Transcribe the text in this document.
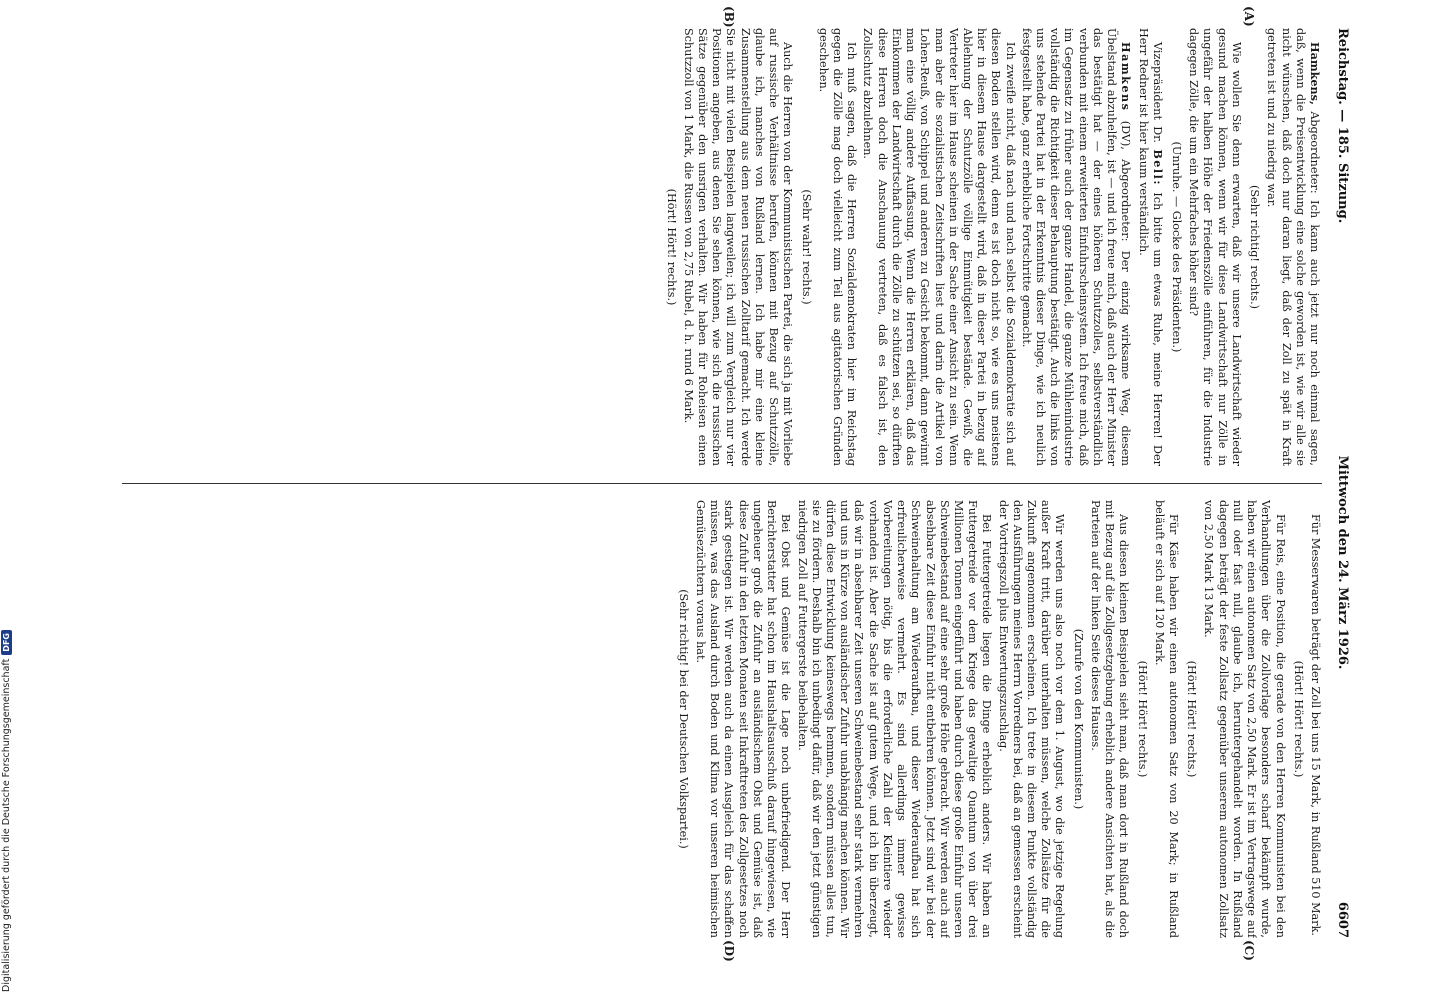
Reichstag. — 185. Sitzung.
Mittwoch den 24. März 1926.
6607

Hamkens, Abgeordneter: Ich kann auch jetzt nur noch einmal sagen, daß, wenn die Preisentwicklung eine solche geworden ist, wie wir alle sie nicht wünschen, daß doch nur daran liegt, daß der Zoll zu spät in Kraft getreten ist und zu niedrig war.

(Sehr richtig! rechts.)

Wie wollen Sie denn erwarten, daß wir unsere Landwirtschaft wieder gesund machen können, wenn wir für diese Landwirtschaft nur Zölle in ungefähr der halben Höhe der Friedenszölle einführen, für die Industrie dagegen Zölle, die um ein Mehrfaches höher sind?

(Unruhe. — Glocke des Präsidenten.)

Vizepräsident Dr. Bell: Ich bitte um etwas Ruhe, meine Herren! Der Herr Redner ist hier kaum verständlich.

Hamkens (DV), Abgeordneter: Der einzig wirksame Weg, diesem Übelstand abzuhelfen, ist — und ich freue mich, daß auch der Herr Minister das bestätigt hat — der eines höheren Schutzzolles, selbstverständlich verbunden mit einem erweiterten Einfuhrscheinsystem. Ich freue mich, daß im Gegensatz zu früher auch der ganze Handel, die ganze Mühlenindustrie vollständig die Richtigkeit dieser Behauptung bestätigt. Auch die links von uns stehende Partei hat in der Erkenntnis dieser Dinge, wie ich neulich festgestellt habe, ganz erhebliche Fortschritte gemacht.

Ich zweifle nicht, daß nach und nach selbst die Sozialdemokratie sich auf diesen Boden stellen wird, denn es ist doch nicht so, wie es uns meistens hier in diesem Hause dargestellt wird, daß in dieser Partei in bezug auf Ablehnung der Schutzzölle völlige Einmütigkeit bestände. Gewiß, die Vertreter hier im Hause scheinen in der Sache einer Ansicht zu sein. Wenn man aber die sozialistischen Zeitschriften liest und darin die Artikel von Lohen-Reuß, von Schippel und anderen zu Gesicht bekommt, dann gewinnt man eine völlig andere Auffassung. Wenn die Herren erklären, daß das Einkommen der Landwirtschaft durch die Zölle zu schützen sei, so dürften diese Herren doch die Anschauung vertreten, daß es falsch ist, den Zollschutz abzulehnen.

Ich muß sagen, daß die Herren Sozialdemokraten hier im Reichstag gegen die Zölle mag doch vielleicht zum Teil aus agitatorischen Gründen geschehen.

(Sehr wahr! rechts.)

Auch die Herren von der Kommunistischen Partei, die sich ja mit Vorliebe auf russische Verhältnisse berufen, können mit Bezug auf Schutzzölle, glaube ich, manches von Rußland lernen. Ich habe mir eine kleine Zusammenstellung aus dem neuen russischen Zolltarif gemacht. Ich werde Sie nicht mit vielen Beispielen langweilen; ich will zum Vergleich nur vier Positionen angeben, aus denen Sie sehen können, wie sich die russischen Sätze gegenüber den unsrigen verhalten. Wir haben für Roheisen einen Schutzzoll von 1 Mark, die Russen von 2,75 Rubel, d. h. rund 6 Mark.

(Hört! Hört! rechts.)

Für Messerwaren beträgt der Zoll bei uns 15 Mark, in Rußland 510 Mark.

(Hört! Hört! rechts.)

Für Reis, eine Position, die gerade von den Herren Kommunisten bei den Verhandlungen über die Zollvorlage besonders scharf bekämpft wurde, haben wir einen autonomen Satz von 2,50 Mark. Er ist im Vertragswege auf null oder fast null, glaube ich, heruntergehandelt worden. In Rußland dagegen beträgt der feste Zollsatz gegenüber unserem autonomen Zollsatz von 2,50 Mark 13 Mark.

(Hört! Hört! rechts.)

Für Käse haben wir einen autonomen Satz von 20 Mark; in Rußland beläuft er sich auf 120 Mark.

(Hört! Hört! rechts.)

Aus diesen kleinen Beispielen sieht man, daß man dort in Rußland doch mit Bezug auf die Zollgesetzgebung erheblich andere Ansichten hat, als die Parteien auf der linken Seite dieses Hauses.

(Zurufe von den Kommunisten.)

Wir werden uns also noch vor dem 1. August, wo die jetzige Regelung außer Kraft tritt, darüber unterhalten müssen, welche Zollsätze für die Zukunft angenommen erscheinen. Ich trete in diesem Punkte vollständig den Ausführungen meines Herrn Vorredners bei, daß an gemessen erscheint der Vortriegszoll plus Entwertungszuschlag.

Bei Futtergetreide liegen die Dinge erheblich anders. Wir haben an Futtergetreide vor dem Kriege das gewaltige Quantum von über drei Millionen Tonnen eingeführt und haben durch diese große Einfuhr unseren Schweinebestand auf eine sehr große Höhe gebracht. Wir werden auch auf absehbare Zeit diese Einfuhr nicht entbehren können. Jetzt sind wir bei der Schweinehaltung am Wiederaufbau, und dieser Wiederaufbau hat sich erfreulicherweise vermehrt. Es sind allerdings immer gewisse Vorbereitungen nötig, bis die erforderliche Zahl der Kleintiere wieder vorhanden ist. Aber die Sache ist auf gutem Wege, und ich bin überzeugt, daß wir in absehbarer Zeit unseren Schweinebestand sehr stark vermehren und uns in Kürze von ausländischer Zufuhr unabhängig machen können. Wir dürfen diese Entwicklung keineswegs hemmen, sondern müssen alles tun, sie zu fördern. Deshalb bin ich unbedingt dafür, daß wir den jetzt günstigen niedrigen Zoll auf Futtergerste beibehalten.

Bei Obst und Gemüse ist die Lage noch unbefriedigend. Der Herr Berichterstatter hat schon im Haushaltsausschuß darauf hingewiesen, wie ungeheuer groß die Zufuhr an ausländischem Obst und Gemüse ist, daß diese Zufuhr in den letzten Monaten seit Inkrafttreten des Zollgesetzes noch stark gestiegen ist. Wir werden auch da einen Ausgleich für das schaffen müssen, was das Ausland durch Boden und Klima vor unseren heimischen Gemüsezüchtern voraus hat.

(Sehr richtig! bei der Deutschen Volkspartei.)

(A)
(B)
(C)
(D)
Digitalisierung gefördert durch die Deutsche Forschungsgemeinschaft
DFG
